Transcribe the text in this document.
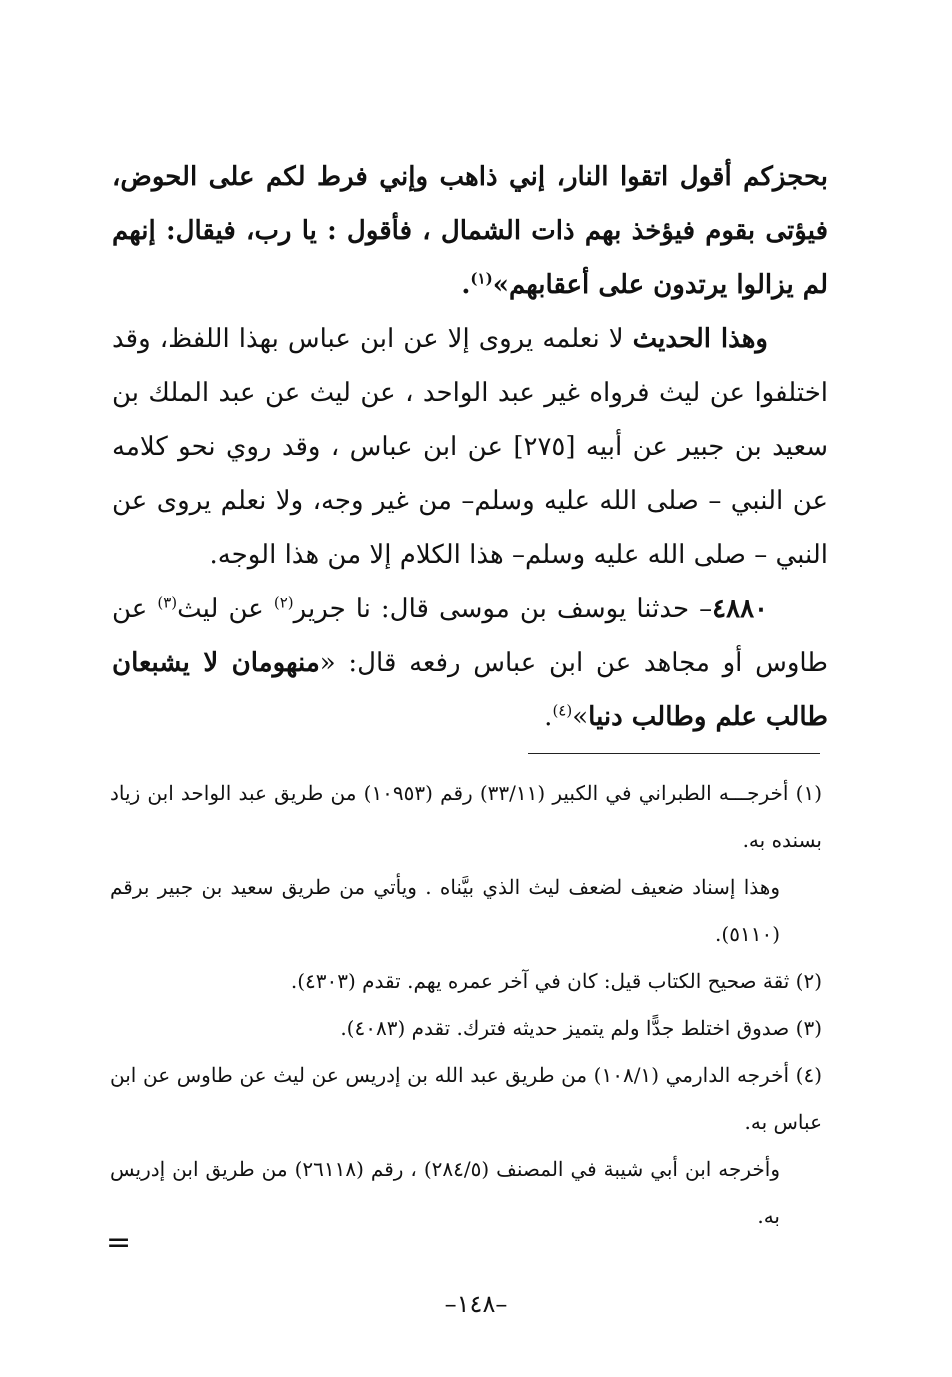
بحجزكم أقول اتقوا النار، إني ذاهب وإني فرط لكم على الحوض، فيؤتى بقوم فيؤخذ بهم ذات الشمال ، فأقول : يا رب، فيقال: إنهم لم يزالوا يرتدون على أعقابهم»$^{(١)}$.

وهذا الحديث لا نعلمه يروى إلا عن ابن عباس بهذا اللفظ، وقد اختلفوا عن ليث فرواه غير عبد الواحد ، عن ليث عن عبد الملك بن سعيد بن جبير عن أبيه [٢٧٥] عن ابن عباس ، وقد روي نحو كلامه عن النبي – صلى الله عليه وسلم– من غير وجه، ولا نعلم يروى عن النبي – صلى الله عليه وسلم– هذا الكلام إلا من هذا الوجه.

٤٨٨٠– حدثنا يوسف بن موسى قال: نا جرير$^{(٢)}$ عن ليث$^{(٣)}$ عن طاوس أو مجاهد عن ابن عباس رفعه قال: «منهومان لا يشبعان طالب علم وطالب دنيا»$^{(٤)}$.

(١) أخرجـــه الطبراني في الكبير (٣٣/١١) رقم (١٠٩٥٣) من طريق عبد الواحد ابن زياد بسنده به.

وهذا إسناد ضعيف لضعف ليث الذي بيَّناه . ويأتي من طريق سعيد بن جبير برقم (٥١١٠).

(٢) ثقة صحيح الكتاب قيل: كان في آخر عمره يهم. تقدم (٤٣٠٣).

(٣) صدوق اختلط جدًّا ولم يتميز حديثه فترك. تقدم (٤٠٨٣).

(٤) أخرجه الدارمي (١٠٨/١) من طريق عبد الله بن إدريس عن ليث عن طاوس عن ابن عباس به.

وأخرجه ابن أبي شيبة في المصنف (٢٨٤/٥) ، رقم (٢٦١١٨) من طريق ابن إدريس به.

=
–١٤٨–
